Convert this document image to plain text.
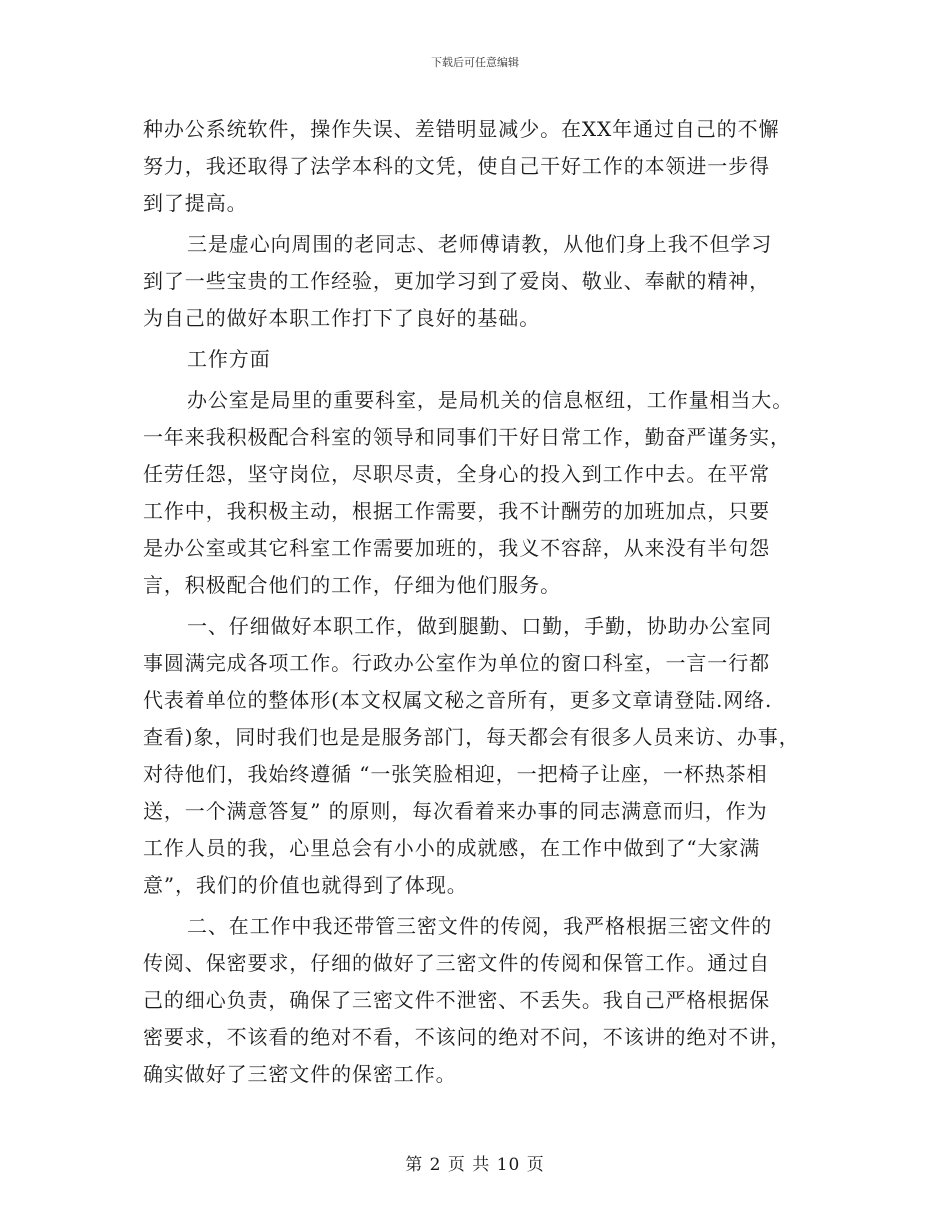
下载后可任意编辑
种办公系统软件，操作失误、差错明显减少。在XX年通过自己的不懈
努力，我还取得了法学本科的文凭，使自己干好工作的本领进一步得
到了提高。
三是虚心向周围的老同志、老师傅请教，从他们身上我不但学习
到了一些宝贵的工作经验，更加学习到了爱岗、敬业、奉献的精神，
为自己的做好本职工作打下了良好的基础。
工作方面
办公室是局里的重要科室，是局机关的信息枢纽，工作量相当大。
一年来我积极配合科室的领导和同事们干好日常工作，勤奋严谨务实，
任劳任怨，坚守岗位，尽职尽责，全身心的投入到工作中去。在平常
工作中，我积极主动，根据工作需要，我不计酬劳的加班加点，只要
是办公室或其它科室工作需要加班的，我义不容辞，从来没有半句怨
言，积极配合他们的工作，仔细为他们服务。
一、仔细做好本职工作，做到腿勤、口勤，手勤，协助办公室同
事圆满完成各项工作。行政办公室作为单位的窗口科室，一言一行都
代表着单位的整体形(本文权属文秘之音所有，更多文章请登陆.网络.
查看)象，同时我们也是是服务部门，每天都会有很多人员来访、办事，
对待他们，我始终遵循 “一张笑脸相迎，一把椅子让座，一杯热茶相
送，一个满意答复” 的原则，每次看着来办事的同志满意而归，作为
工作人员的我，心里总会有小小的成就感，在工作中做到了“大家满
意”，我们的价值也就得到了体现。
二、在工作中我还带管三密文件的传阅，我严格根据三密文件的
传阅、保密要求，仔细的做好了三密文件的传阅和保管工作。通过自
己的细心负责，确保了三密文件不泄密、不丢失。我自己严格根据保
密要求，不该看的绝对不看，不该问的绝对不问，不该讲的绝对不讲，
确实做好了三密文件的保密工作。
第 2 页 共 10 页
